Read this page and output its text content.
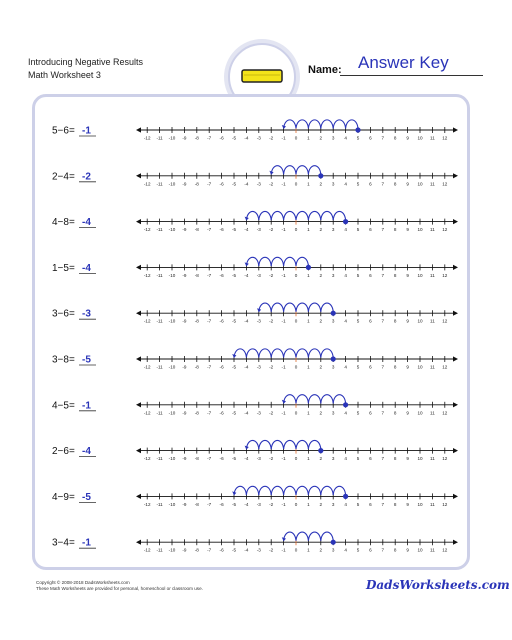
Introducing Negative Results
Math Worksheet 3	Name: Answer Key
5−6= -1
-12 -11 -10 -9 -8 -7 -6 -5 -4 -3 -2 -1 0 1 2 3 4 5 6 7 8 9 10 11 12
2−4= -2
-12 -11 -10 -9 -8 -7 -6 -5 -4 -3 -2 -1 0 1 2 3 4 5 6 7 8 9 10 11 12
4−8= -4
-12 -11 -10 -9 -8 -7 -6 -5 -4 -3 -2 -1 0 1 2 3 4 5 6 7 8 9 10 11 12
1−5= -4
-12 -11 -10 -9 -8 -7 -6 -5 -4 -3 -2 -1 0 1 2 3 4 5 6 7 8 9 10 11 12
3−6= -3
-12 -11 -10 -9 -8 -7 -6 -5 -4 -3 -2 -1 0 1 2 3 4 5 6 7 8 9 10 11 12
3−8= -5
-12 -11 -10 -9 -8 -7 -6 -5 -4 -3 -2 -1 0 1 2 3 4 5 6 7 8 9 10 11 12
4−5= -1
-12 -11 -10 -9 -8 -7 -6 -5 -4 -3 -2 -1 0 1 2 3 4 5 6 7 8 9 10 11 12
2−6= -4
-12 -11 -10 -9 -8 -7 -6 -5 -4 -3 -2 -1 0 1 2 3 4 5 6 7 8 9 10 11 12
4−9= -5
-12 -11 -10 -9 -8 -7 -6 -5 -4 -3 -2 -1 0 1 2 3 4 5 6 7 8 9 10 11 12
3−4= -1
-12 -11 -10 -9 -8 -7 -6 -5 -4 -3 -2 -1 0 1 2 3 4 5 6 7 8 9 10 11 12
Copyright © 2008-2018 DadsWorksheets.com
These Math Worksheets are provided for personal, homeschool or classroom use.	DadsWorksheets.com
